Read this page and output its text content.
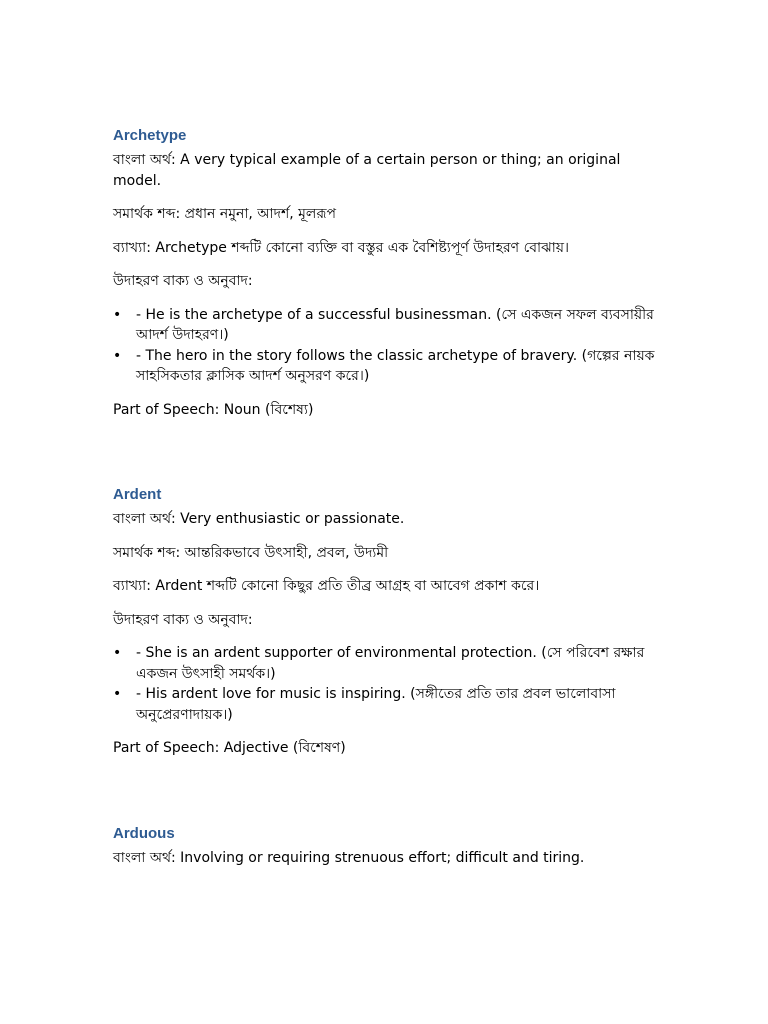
Archetype
বাংলা অর্থ: A very typical example of a certain person or thing; an original model.
সমার্থক শব্দ: প্রধান নমুনা, আদর্শ, মূলরূপ
ব্যাখ্যা: Archetype শব্দটি কোনো ব্যক্তি বা বস্তুর এক বৈশিষ্ট্যপূর্ণ উদাহরণ বোঝায়।
উদাহরণ বাক্য ও অনুবাদ:
• - He is the archetype of a successful businessman. (সে একজন সফল ব্যবসায়ীর আদর্শ উদাহরণ।)
• - The hero in the story follows the classic archetype of bravery. (গল্পের নায়ক সাহসিকতার ক্লাসিক আদর্শ অনুসরণ করে।)
Part of Speech: Noun (বিশেষ্য)
Ardent
বাংলা অর্থ: Very enthusiastic or passionate.
সমার্থক শব্দ: আন্তরিকভাবে উৎসাহী, প্রবল, উদ্যমী
ব্যাখ্যা: Ardent শব্দটি কোনো কিছুর প্রতি তীব্র আগ্রহ বা আবেগ প্রকাশ করে।
উদাহরণ বাক্য ও অনুবাদ:
• - She is an ardent supporter of environmental protection. (সে পরিবেশ রক্ষার একজন উৎসাহী সমর্থক।)
• - His ardent love for music is inspiring. (সঙ্গীতের প্রতি তার প্রবল ভালোবাসা অনুপ্রেরণাদায়ক।)
Part of Speech: Adjective (বিশেষণ)
Arduous
বাংলা অর্থ: Involving or requiring strenuous effort; difficult and tiring.
